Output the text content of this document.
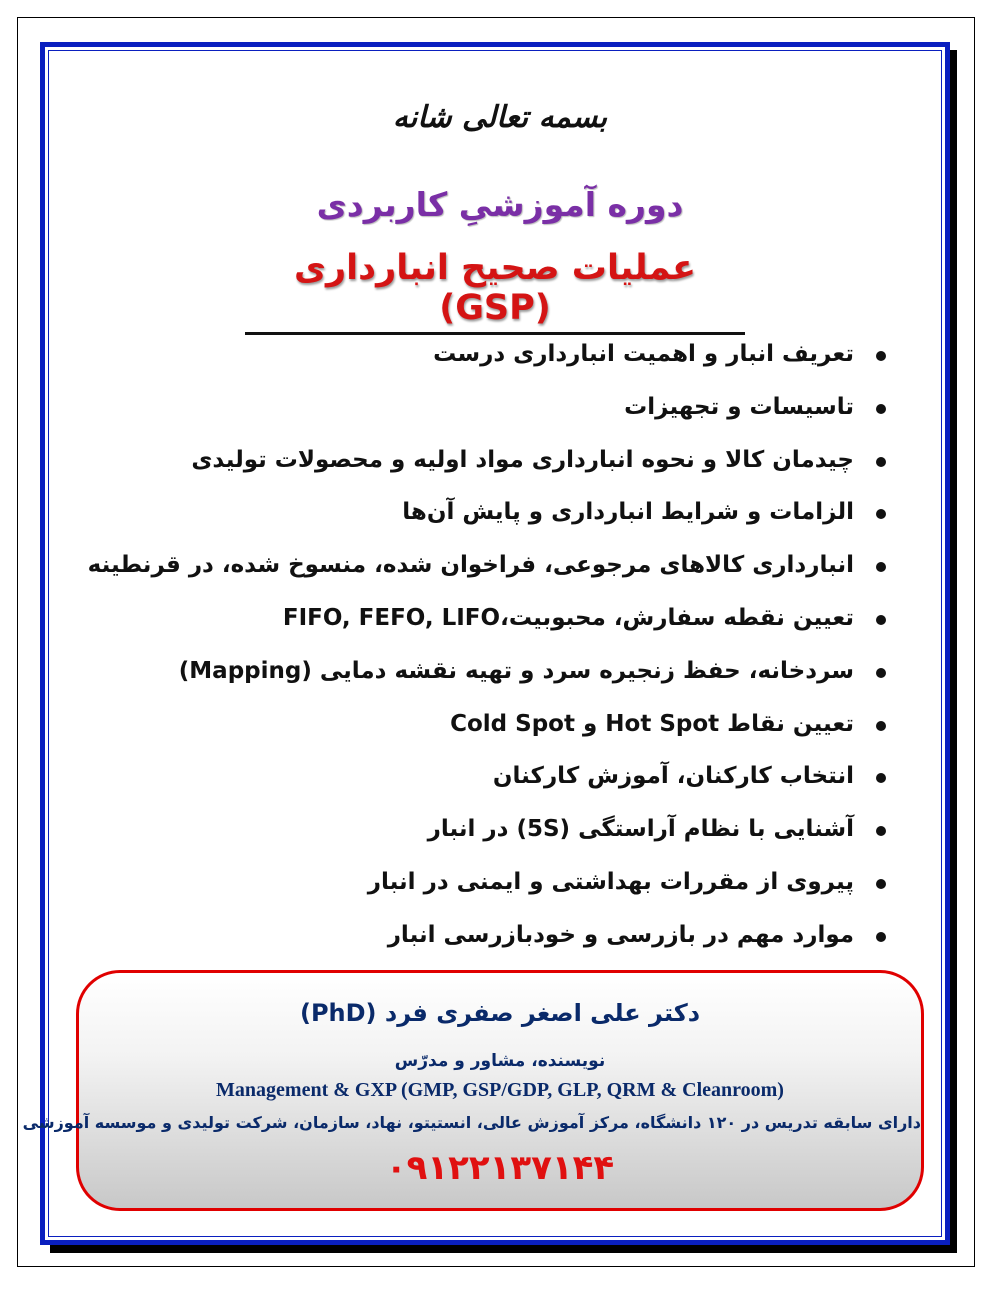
بسمه تعالی شانه
دوره آموزشیِ کاربردی
عملیات صحیح انبارداری (GSP)
تعریف انبار و اهمیت انبارداری درست
تاسیسات و تجهیزات
چیدمان کالا و نحوه انبارداری مواد اولیه و محصولات تولیدی
الزامات و شرایط انبارداری و پایش آن‌ها
انبارداری کالاهای مرجوعی، فراخوان شده، منسوخ شده، در قرنطینه
تعیین نقطه سفارش، محبوبیت،FIFO, FEFO, LIFO
سردخانه، حفظ زنجیره سرد و تهیه نقشه دمایی (Mapping)
تعیین نقاط Hot Spot و Cold Spot
انتخاب کارکنان، آموزش کارکنان
آشنایی با نظام آراستگی (5S) در انبار
پیروی از مقررات بهداشتی و ایمنی در انبار
موارد مهم در بازرسی و خودبازرسی انبار
دکتر علی اصغر صفری فرد (PhD)
نویسنده، مشاور و مدرّس
Management & GXP (GMP, GSP/GDP, GLP, QRM & Cleanroom)
دارای سابقه تدریس در ۱۲۰ دانشگاه، مرکز آموزش عالی، انستیتو، نهاد، سازمان، شرکت تولیدی و موسسه آموزشی
۰۹۱۲۲۱۳۷۱۴۴
